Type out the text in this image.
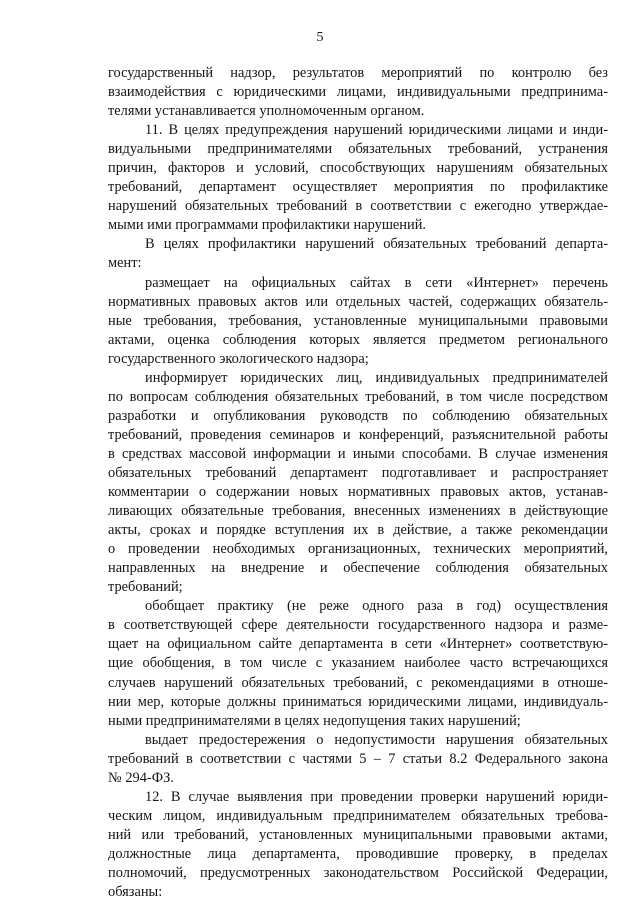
5
государственный надзор, результатов мероприятий по контролю без
взаимодействия с юридическими лицами, индивидуальными предпринима-
телями устанавливается уполномоченным органом.
11. В целях предупреждения нарушений юридическими лицами и инди-
видуальными предпринимателями обязательных требований, устранения
причин, факторов и условий, способствующих нарушениям обязательных
требований, департамент осуществляет мероприятия по профилактике
нарушений обязательных требований в соответствии с ежегодно утверждае-
мыми ими программами профилактики нарушений.
В целях профилактики нарушений обязательных требований департа-
мент:
размещает на официальных сайтах в сети «Интернет» перечень
нормативных правовых актов или отдельных частей, содержащих обязатель-
ные требования, требования, установленные муниципальными правовыми
актами, оценка соблюдения которых является предметом регионального
государственного экологического надзора;
информирует юридических лиц, индивидуальных предпринимателей
по вопросам соблюдения обязательных требований, в том числе посредством
разработки и опубликования руководств по соблюдению обязательных
требований, проведения семинаров и конференций, разъяснительной работы
в средствах массовой информации и иными способами. В случае изменения
обязательных требований департамент подготавливает и распространяет
комментарии о содержании новых нормативных правовых актов, устанав-
ливающих обязательные требования, внесенных изменениях в действующие
акты, сроках и порядке вступления их в действие, а также рекомендации
о проведении необходимых организационных, технических мероприятий,
направленных на внедрение и обеспечение соблюдения обязательных
требований;
обобщает практику (не реже одного раза в год) осуществления
в соответствующей сфере деятельности государственного надзора и разме-
щает на официальном сайте департамента в сети «Интернет» соответствую-
щие обобщения, в том числе с указанием наиболее часто встречающихся
случаев нарушений обязательных требований, с рекомендациями в отноше-
нии мер, которые должны приниматься юридическими лицами, индивидуаль-
ными предпринимателями в целях недопущения таких нарушений;
выдает предостережения о недопустимости нарушения обязательных
требований в соответствии с частями 5 – 7 статьи 8.2 Федерального закона
№ 294-ФЗ.
12. В случае выявления при проведении проверки нарушений юриди-
ческим лицом, индивидуальным предпринимателем обязательных требова-
ний или требований, установленных муниципальными правовыми актами,
должностные лица департамента, проводившие проверку, в пределах
полномочий, предусмотренных законодательством Российской Федерации,
обязаны:
